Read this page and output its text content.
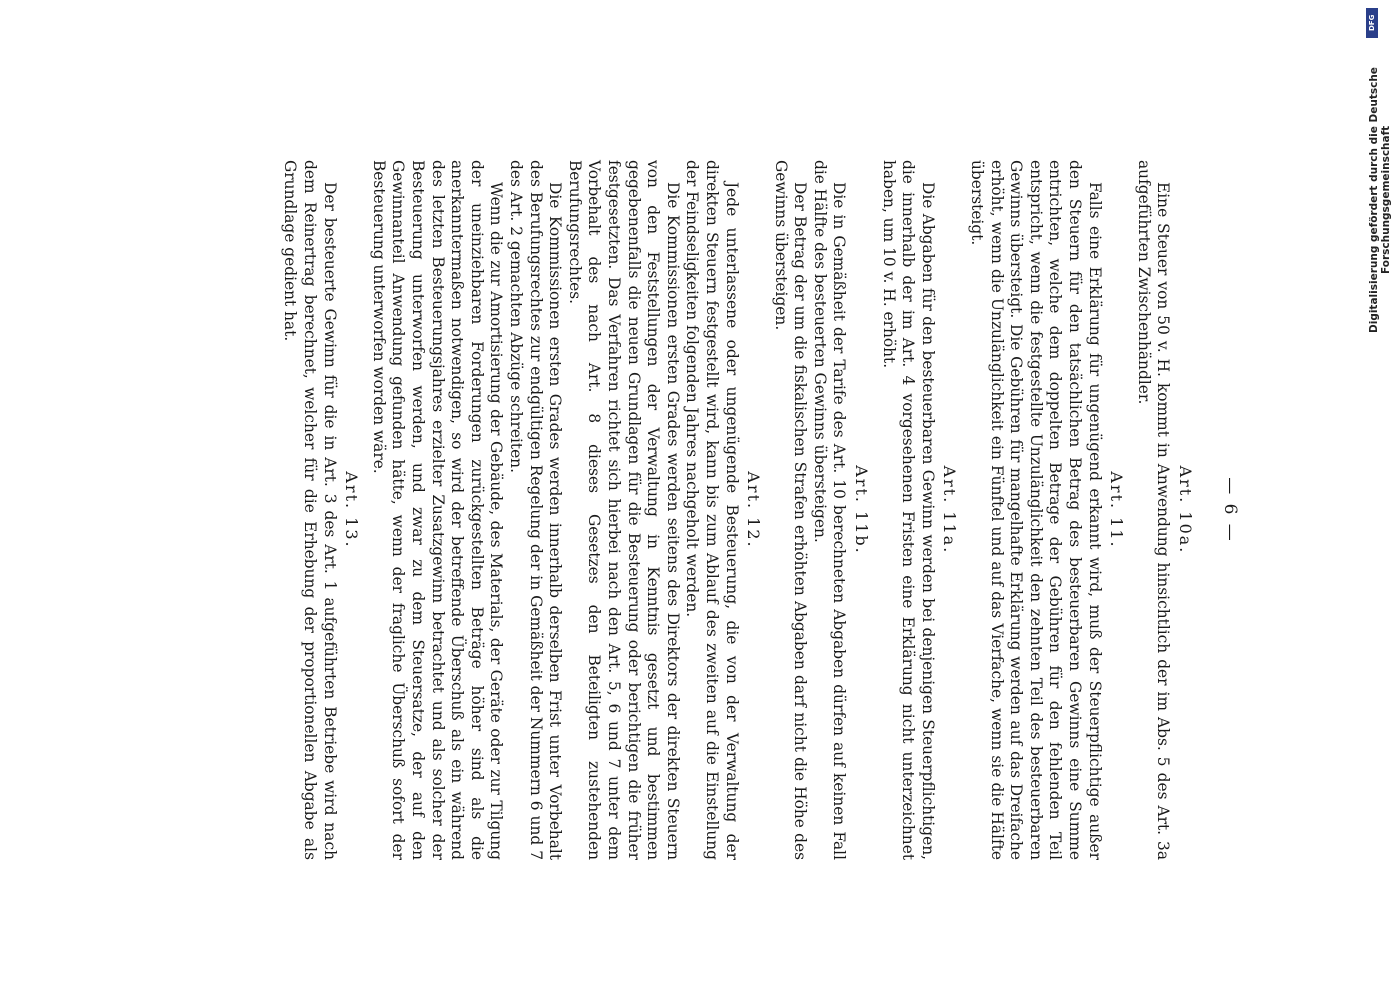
— 6 —
Art. 10a.

Eine Steuer von 50 v. H. kommt in Anwendung hinsichtlich der im Abs. 5 des Art. 3a aufgeführten Zwischenhändler.

Art. 11.

Falls eine Erklärung für ungenügend erkannt wird, muß der Steuerpflichtige außer den Steuern für den tatsächlichen Betrag des besteuerbaren Gewinns eine Summe entrichten, welche dem doppelten Betrage der Gebühren für den fehlenden Teil entspricht, wenn die festgestellte Unzulänglichkeit den zehnten Teil des besteuerbaren Gewinns übersteigt. Die Gebühren für mangelhafte Erklärung werden auf das Dreifache erhöht, wenn die Unzulänglichkeit ein Fünftel und auf das Vierfache, wenn sie die Hälfte übersteigt.

Art. 11a.

Die Abgaben für den besteuerbaren Gewinn werden bei denjenigen Steuerpflichtigen, die innerhalb der im Art. 4 vorgesehenen Fristen eine Erklärung nicht unterzeichnet haben, um 10 v. H. erhöht.

Art. 11b.

Die in Gemäßheit der Tarife des Art. 10 berechneten Abgaben dürfen auf keinen Fall die Hälfte des besteuerten Gewinns übersteigen.

Der Betrag der um die fiskalischen Strafen erhöhten Abgaben darf nicht die Höhe des Gewinns übersteigen.

Art. 12.

Jede unterlassene oder ungenügende Besteuerung, die von der Verwaltung der direkten Steuern festgestellt wird, kann bis zum Ablauf des zweiten auf die Einstellung der Feindseligkeiten folgenden Jahres nachgeholt werden.

Die Kommissionen ersten Grades werden seitens des Direktors der direkten Steuern von den Feststellungen der Verwaltung in Kenntnis gesetzt und bestimmen gegebenenfalls die neuen Grundlagen für die Besteuerung oder berichtigen die früher festgesetzten. Das Verfahren richtet sich hierbei nach den Art. 5, 6 und 7 unter dem Vorbehalt des nach Art. 8 dieses Gesetzes den Beteiligten zustehenden Berufungsrechtes.

Die Kommissionen ersten Grades werden innerhalb derselben Frist unter Vorbehalt des Berufungsrechtes zur endgültigen Regelung der in Gemäßheit der Nummern 6 und 7 des Art. 2 gemachten Abzüge schreiten.

Wenn die zur Amortisierung der Gebäude, des Materials, der Geräte oder zur Tilgung der uneinziehbaren Forderungen zurückgestellten Beträge höher sind als die anerkanntermaßen notwendigen, so wird der betreffende Überschuß als ein während des letzten Besteuerungsjahres erzielter Zusatzgewinn betrachtet und als solcher der Besteuerung unterworfen werden, und zwar zu dem Steuersatze, der auf den Gewinnanteil Anwendung gefunden hätte, wenn der fragliche Überschuß sofort der Besteuerung unterworfen worden wäre.

Art. 13.

Der besteuerte Gewinn für die in Art. 3 des Art. 1 aufgeführten Betriebe wird nach dem Reinertrag berechnet, welcher für die Erhebung der proportionellen Abgabe als Grundlage gedient hat.	Digitalisierung gefördert durch die Deutsche Forschungsgemeinschaft
DFG
